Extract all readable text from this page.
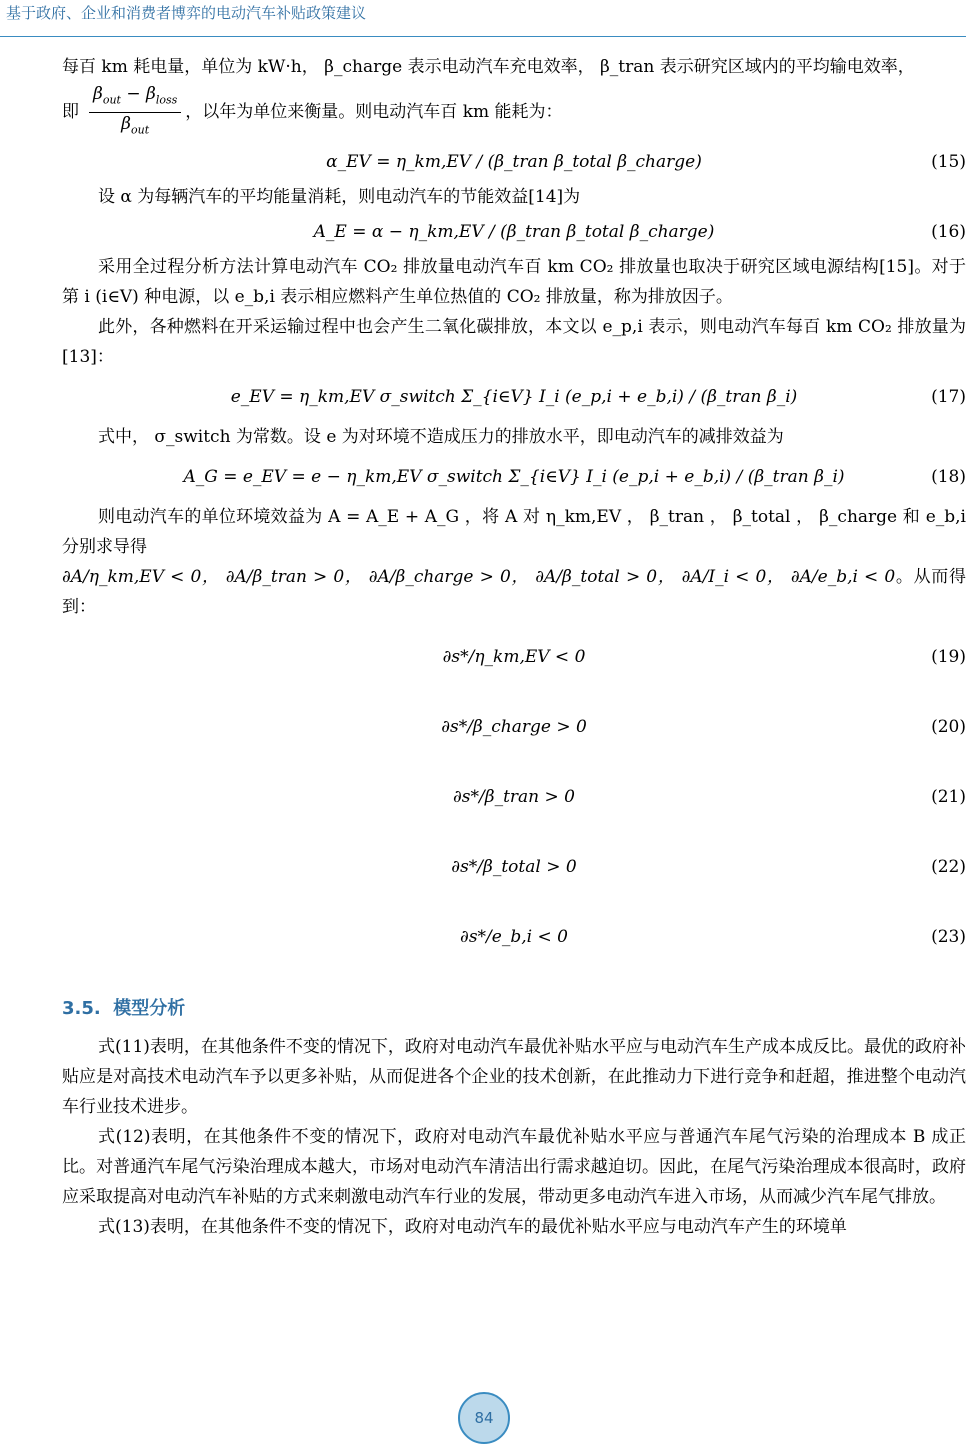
基于政府、企业和消费者博弈的电动汽车补贴政策建议

每百 km 耗电量，单位为 kW·h， β_charge 表示电动汽车充电效率， β_tran 表示研究区域内的平均输电效率，

即 $\frac{\beta_{out} - \beta_{loss}}{\beta_{out}}$ ，以年为单位来衡量。则电动汽车百 km 能耗为：

α_EV = η_km,EV ∕ (β_tran β_total β_charge)	(15)

设 α 为每辆汽车的平均能量消耗，则电动汽车的节能效益[14]为

A_E = α − η_km,EV ∕ (β_tran β_total β_charge)	(16)

采用全过程分析方法计算电动汽车 CO₂ 排放量电动汽车百 km CO₂ 排放量也取决于研究区域电源结构[15]。对于第 i (i∈V) 种电源，以 e_b,i 表示相应燃料产生单位热值的 CO₂ 排放量，称为排放因子。

此外，各种燃料在开采运输过程中也会产生二氧化碳排放，本文以 e_p,i 表示，则电动汽车每百 km CO₂ 排放量为[13]：

e_EV = η_km,EV σ_switch Σ_{i∈V} I_i (e_p,i + e_b,i) ∕ (β_tran β_i)	(17)

式中， σ_switch 为常数。设 e 为对环境不造成压力的排放水平，即电动汽车的减排效益为

A_G = e_EV = e − η_km,EV σ_switch Σ_{i∈V} I_i (e_p,i + e_b,i) ∕ (β_tran β_i)	(18)

则电动汽车的单位环境效益为 A = A_E + A_G ，将 A 对 η_km,EV ， β_tran ， β_total ， β_charge 和 e_b,i 分别求导得

∂A/η_km,EV < 0， ∂A/β_tran > 0， ∂A/β_charge > 0， ∂A/β_total > 0， ∂A/I_i < 0， ∂A/e_b,i < 0。从而得到：

∂s*/η_km,EV < 0	(19)
∂s*/β_charge > 0	(20)
∂s*/β_tran > 0	(21)
∂s*/β_total > 0	(22)
∂s*/e_b,i < 0	(23)
3.5. 模型分析

式(11)表明，在其他条件不变的情况下，政府对电动汽车最优补贴水平应与电动汽车生产成本成反比。最优的政府补贴应是对高技术电动汽车予以更多补贴，从而促进各个企业的技术创新，在此推动力下进行竞争和赶超，推进整个电动汽车行业技术进步。

式(12)表明，在其他条件不变的情况下，政府对电动汽车最优补贴水平应与普通汽车尾气污染的治理成本 B 成正比。对普通汽车尾气污染治理成本越大，市场对电动汽车清洁出行需求越迫切。因此，在尾气污染治理成本很高时，政府应采取提高对电动汽车补贴的方式来刺激电动汽车行业的发展，带动更多电动汽车进入市场，从而减少汽车尾气排放。

式(13)表明，在其他条件不变的情况下，政府对电动汽车的最优补贴水平应与电动汽车产生的环境单

84
